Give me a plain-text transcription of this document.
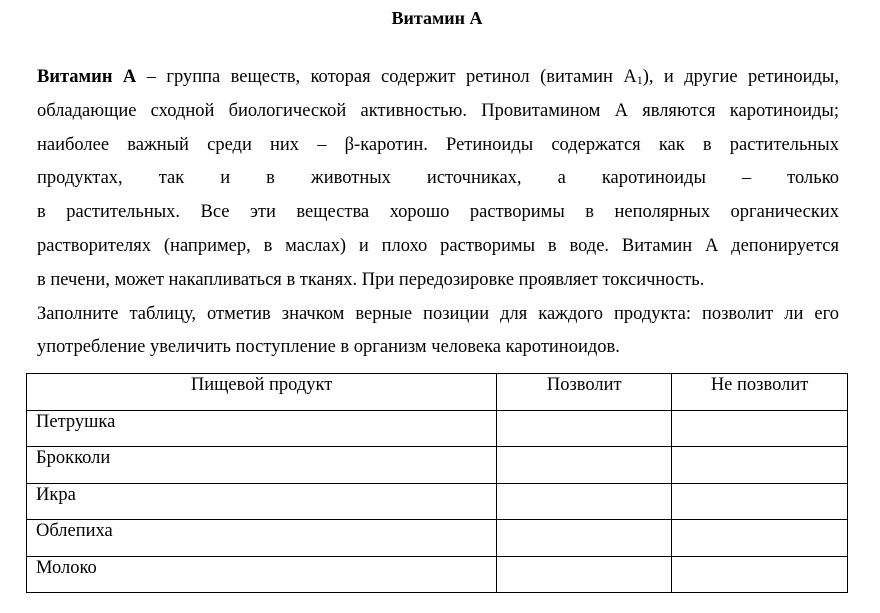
Витамин А
Витамин А – группа веществ, которая содержит ретинол (витамин $А_1$), и другие ретиноиды,
обладающие сходной биологической активностью. Провитамином А являются каротиноиды;
наиболее важный среди них – β-каротин. Ретиноиды содержатся как в растительных
продуктах, так и в животных источниках, а каротиноиды – только
в растительных. Все эти вещества хорошо растворимы в неполярных органических
растворителях (например, в маслах) и плохо растворимы в воде. Витамин А депонируется
в печени, может накапливаться в тканях. При передозировке проявляет токсичность.
Заполните таблицу, отметив значком верные позиции для каждого продукта: позволит ли его
употребление увеличить поступление в организм человека каротиноидов.
Пищевой продукт	Позволит	Не позволит
Петрушка		
Брокколи		
Икра		
Облепиха		
Молоко		
